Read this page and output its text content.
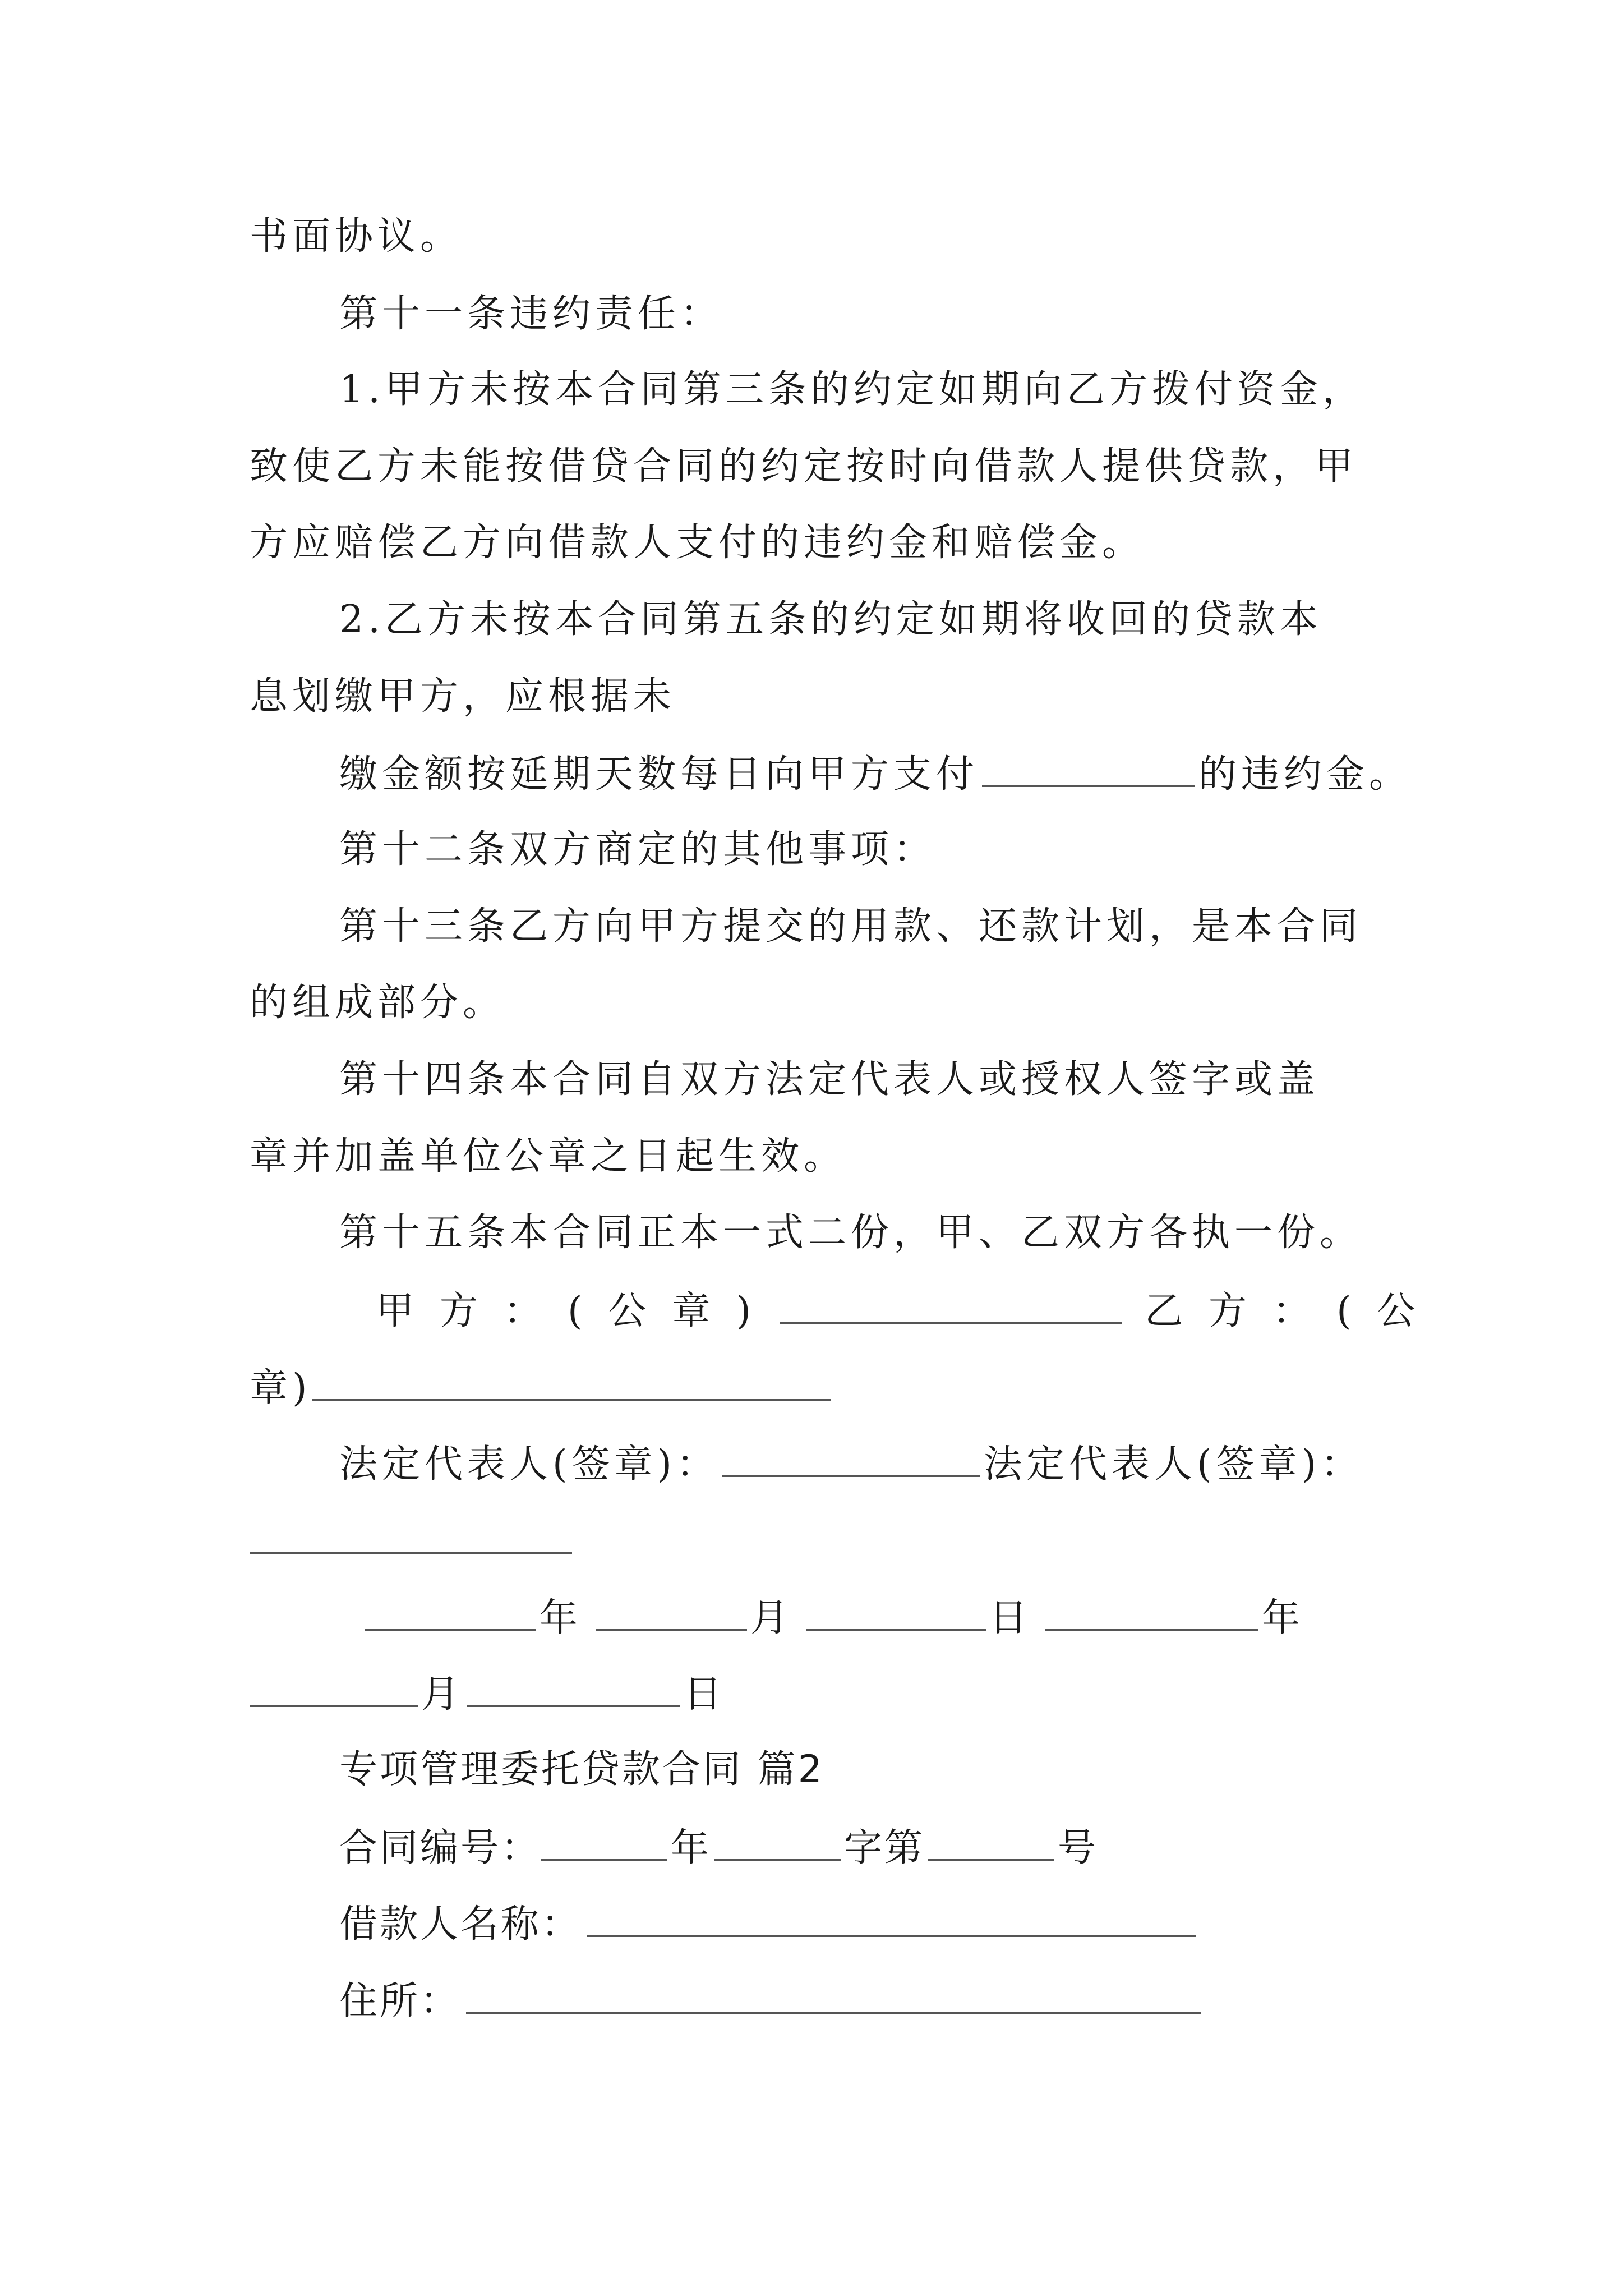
书面协议。
第十一条违约责任：
1.甲方未按本合同第三条的约定如期向乙方拨付资金，
致使乙方未能按借贷合同的约定按时向借款人提供贷款，甲
方应赔偿乙方向借款人支付的违约金和赔偿金。
2.乙方未按本合同第五条的约定如期将收回的贷款本
息划缴甲方，应根据未
缴金额按延期天数每日向甲方支付	的违约金。
第十二条双方商定的其他事项：
第十三条乙方向甲方提交的用款、还款计划，是本合同
的组成部分。
第十四条本合同自双方法定代表人或授权人签字或盖
章并加盖单位公章之日起生效。
第十五条本合同正本一式二份，甲、乙双方各执一份。
甲方：(公章)	乙方：(公
章)
法定代表人(签章)：	法定代表人(签章)：
年	月	日	年
月	日
专项管理委托贷款合同 篇2
合同编号：	年	字第	号
借款人名称：
住所：
